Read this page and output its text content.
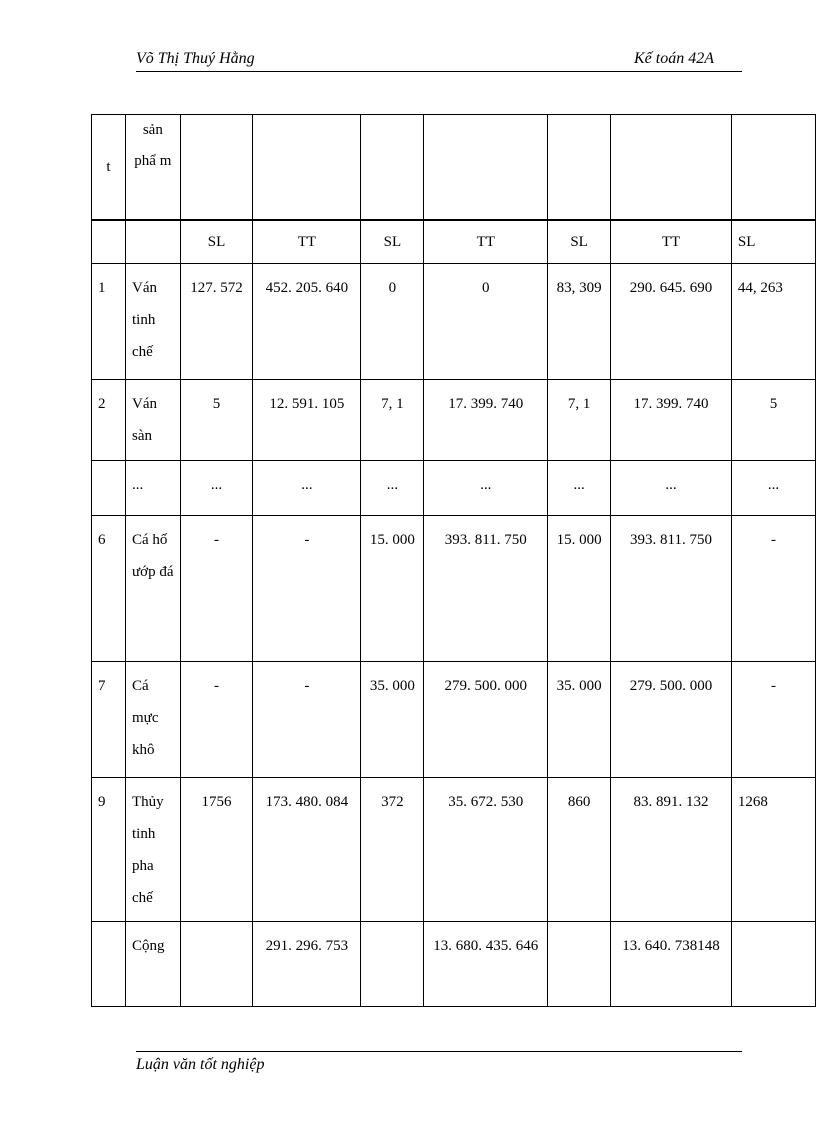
Võ Thị Thuý Hằng	Kế toán 42A
t	sản phẩ m							
		SL	TT	SL	TT	SL	TT	SL
1	Ván tinh chế	127. 572	452. 205. 640	0	0	83, 309	290. 645. 690	44, 263
2	Ván sàn	5	12. 591. 105	7, 1	17. 399. 740	7, 1	17. 399. 740	5
	...	...	...	...	...	...	...	...
6	Cá hố ướp đá	-	-	15. 000	393. 811. 750	15. 000	393. 811. 750	-
7	Cá mực khô	-	-	35. 000	279. 500. 000	35. 000	279. 500. 000	-
9	Thủy tinh pha chế	1756	173. 480. 084	372	35. 672. 530	860	83. 891. 132	1268
	Cộng		291. 296. 753		13. 680. 435. 646		13. 640. 738148	
Luận văn tốt nghiệp
